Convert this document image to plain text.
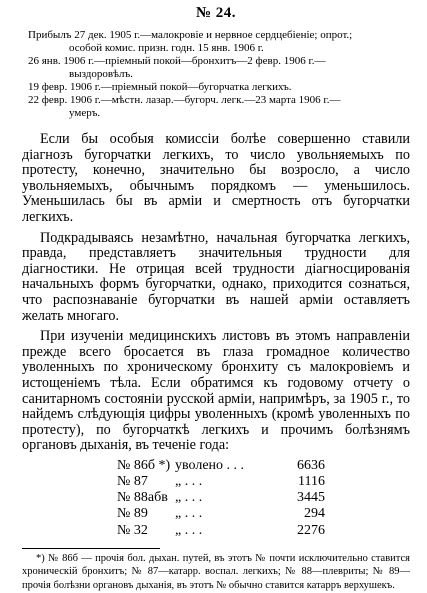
№ 24.
Прибылъ 27 дек. 1905 г.—малокровiе и нервное сердцебiенiе; опрот.;
особой комис. призн. годн. 15 янв. 1906 г.
26 янв. 1906 г.—прiемный покой—бронхитъ—2 февр. 1906 г.—
выздоровѣлъ.
19 февр. 1906 г.—прiемный покой—бугорчатка легкихъ.
22 февр. 1906 г.—мѣстн. лазар.—бугорч. легк.—23 марта 1906 г.—
умеръ.

Если бы особыя комиссiи болѣе совершенно ставили дiагнозъ бугорчатки легкихъ, то число увольняемыхъ по протесту, конечно, значительно бы возросло, а число увольняемыхъ, обычнымъ порядкомъ — уменьшилось. Уменьшилась бы въ армiи и смертность отъ бугорчатки легкихъ.

Подкрадываясь незамѣтно, начальная бугорчатка легкихъ, правда, представляетъ значительныя трудности для дiагностики. Не отрицая всей трудности дiагносцированiя начальныхъ формъ бугорчатки, однако, приходится сознаться, что распознаванiе бугорчатки въ нашей армiи оставляетъ желать многаго.

При изученiи медицинскихъ листовъ въ этомъ направленiи прежде всего бросается въ глаза громадное количество уволенныхъ по хроническому бронхиту съ малокровiемъ и истощенiемъ тѣла. Если обратимся къ годовому отчету о санитарномъ состоянiи русской армiи, напримѣръ, за 1905 г., то найдемъ слѣдующiя цифры уволенныхъ (кромѣ уволенныхъ по протесту), по бугорчаткѣ легкихъ и прочимъ болѣзнямъ органовъ дыханiя, въ теченiе года:

№ 86б *) уволено . . .	6636
№ 87	„ . . .	1116
№ 88абв „ . . .	3445
№ 89	„ . . .	294
№ 32	„ . . .	2276
*) № 86б — прочiя бол. дыхан. путей, въ этотъ № почти исключительно ставится хроническiй бронхитъ; № 87—катарр. воспал. легкихъ; № 88—плевриты; № 89—прочiя болѣзни органовъ дыханiя, въ этотъ № обычно ставится катарръ верхушекъ.
